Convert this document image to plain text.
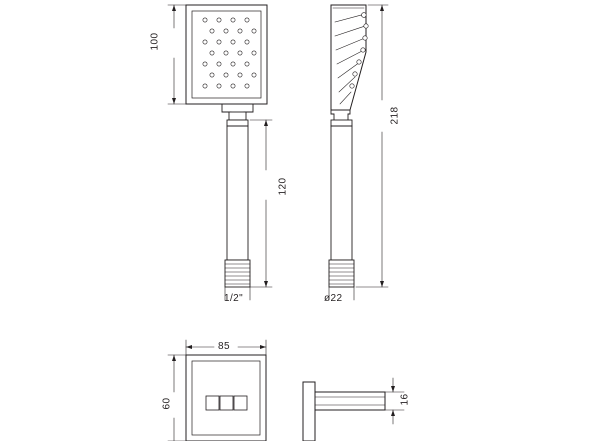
100
120
218
1/2"	ø22
85
60	16
